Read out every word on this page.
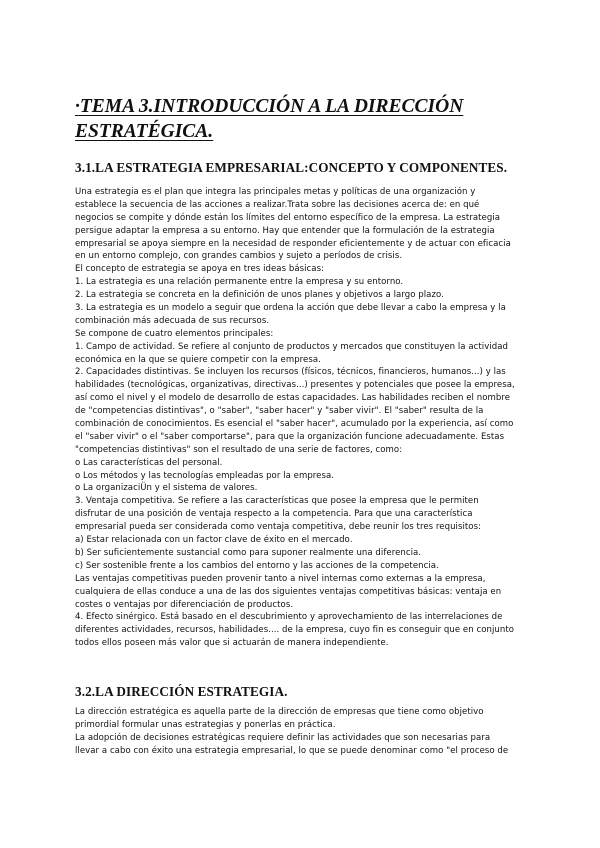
·TEMA 3.INTRODUCCIÓN A LA DIRECCIÓN
ESTRATÉGICA.
3.1.LA ESTRATEGIA EMPRESARIAL:CONCEPTO Y COMPONENTES.
Una estrategia es el plan que integra las principales metas y políticas de una organización y
establece la secuencia de las acciones a realizar.Trata sobre las decisiones acerca de: en qué
negocios se compite y dónde están los límites del entorno específico de la empresa. La estrategia
persigue adaptar la empresa a su entorno. Hay que entender que la formulación de la estrategia
empresarial se apoya siempre en la necesidad de responder eficientemente y de actuar con eficacia
en un entorno complejo, con grandes cambios y sujeto a períodos de crisis.
El concepto de estrategia se apoya en tres ideas básicas:
1. La estrategia es una relación permanente entre la empresa y su entorno.
2. La estrategia se concreta en la definición de unos planes y objetivos a largo plazo.
3. La estrategia es un modelo a seguir que ordena la acción que debe llevar a cabo la empresa y la
combinación más adecuada de sus recursos.
Se compone de cuatro elementos principales:
1. Campo de actividad. Se refiere al conjunto de productos y mercados que constituyen la actividad
económica en la que se quiere competir con la empresa.
2. Capacidades distintivas. Se incluyen los recursos (físicos, técnicos, financieros, humanos...) y las
habilidades (tecnológicas, organizativas, directivas...) presentes y potenciales que posee la empresa,
así como el nivel y el modelo de desarrollo de estas capacidades. Las habilidades reciben el nombre
de "competencias distintivas", o "saber", "saber hacer" y "saber vivir". El "saber" resulta de la
combinación de conocimientos. Es esencial el "saber hacer", acumulado por la experiencia, así como
el "saber vivir" o el "saber comportarse", para que la organización funcione adecuadamente. Estas
"competencias distintivas" son el resultado de una serie de factores, como:
o Las características del personal.
o Los métodos y las tecnologías empleadas por la empresa.
o La organizaciÜn y el sistema de valores.
3. Ventaja competitiva. Se refiere a las características que posee la empresa que le permiten
disfrutar de una posición de ventaja respecto a la competencia. Para que una característica
empresarial pueda ser considerada como ventaja competitiva, debe reunir los tres requisitos:
a) Estar relacionada con un factor clave de éxito en el mercado.
b) Ser suficientemente sustancial como para suponer realmente una diferencia.
c) Ser sostenible frente a los cambios del entorno y las acciones de la competencia.
Las ventajas competitivas pueden provenir tanto a nivel internas como externas a la empresa,
cualquiera de ellas conduce a una de las dos siguientes ventajas competitivas básicas: ventaja en
costes o ventajas por diferenciación de productos.
4. Efecto sinérgico. Está basado en el descubrimiento y aprovechamiento de las interrelaciones de
diferentes actividades, recursos, habilidades.... de la empresa, cuyo fin es conseguir que en conjunto
todos ellos poseen más valor que si actuarán de manera independiente.
3.2.LA DIRECCIÓN ESTRATEGIA.
La dirección estratégica es aquella parte de la dirección de empresas que tiene como objetivo
primordial formular unas estrategias y ponerlas en práctica.
La adopción de decisiones estratégicas requiere definir las actividades que son necesarias para
llevar a cabo con éxito una estrategia empresarial, lo que se puede denominar como "el proceso de
